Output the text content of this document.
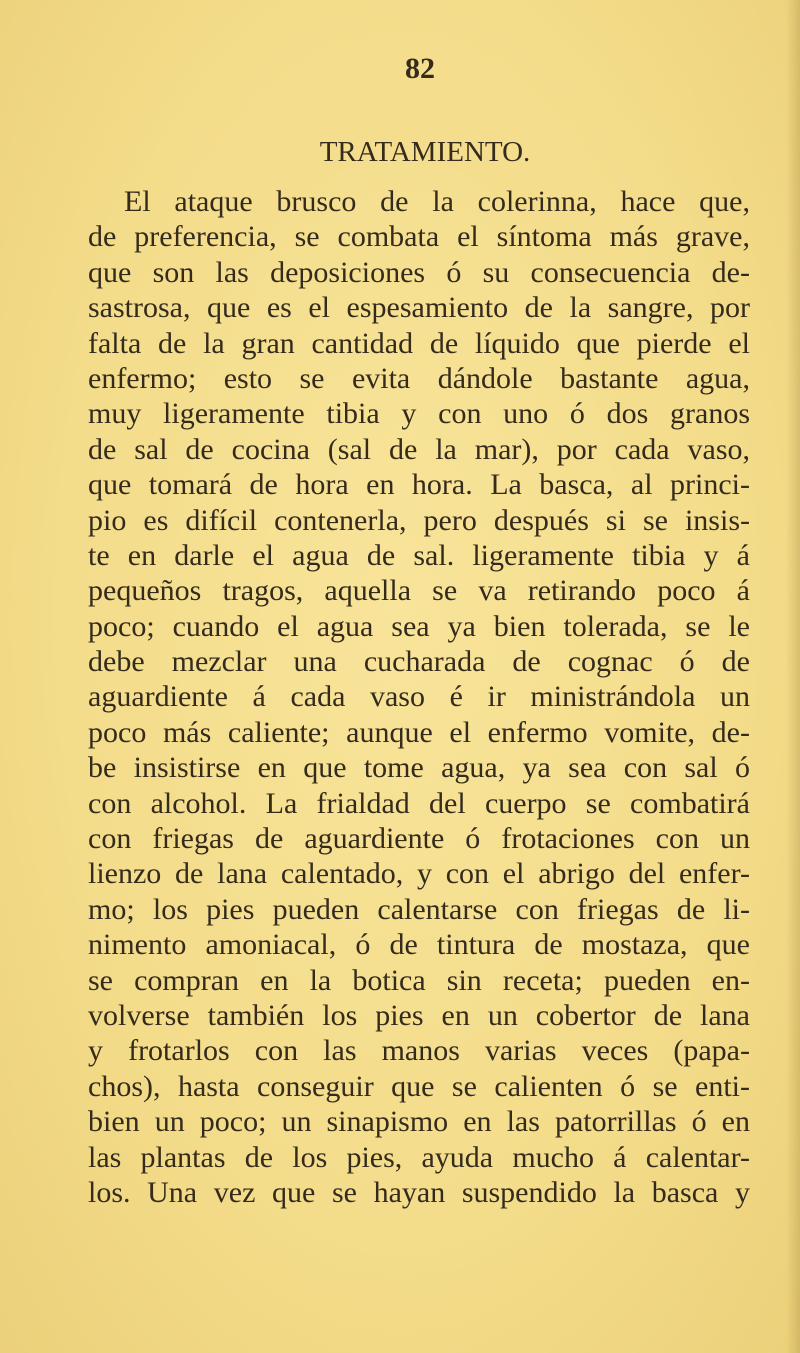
82
TRATAMIENTO.
El ataque brusco de la colerinna, hace que,
de preferencia, se combata el síntoma más grave,
que son las deposiciones ó su consecuencia de-
sastrosa, que es el espesamiento de la sangre, por
falta de la gran cantidad de líquido que pierde el
enfermo; esto se evita dándole bastante agua,
muy ligeramente tibia y con uno ó dos granos
de sal de cocina (sal de la mar), por cada vaso,
que tomará de hora en hora. La basca, al princi-
pio es difícil contenerla, pero después si se insis-
te en darle el agua de sal. ligeramente tibia y á
pequeños tragos, aquella se va retirando poco á
poco; cuando el agua sea ya bien tolerada, se le
debe mezclar una cucharada de cognac ó de
aguardiente á cada vaso é ir ministrándola un
poco más caliente; aunque el enfermo vomite, de-
be insistirse en que tome agua, ya sea con sal ó
con alcohol. La frialdad del cuerpo se combatirá
con friegas de aguardiente ó frotaciones con un
lienzo de lana calentado, y con el abrigo del enfer-
mo; los pies pueden calentarse con friegas de li-
nimento amoniacal, ó de tintura de mostaza, que
se compran en la botica sin receta; pueden en-
volverse también los pies en un cobertor de lana
y frotarlos con las manos varias veces (papa-
chos), hasta conseguir que se calienten ó se enti-
bien un poco; un sinapismo en las patorrillas ó en
las plantas de los pies, ayuda mucho á calentar-
los. Una vez que se hayan suspendido la basca y
